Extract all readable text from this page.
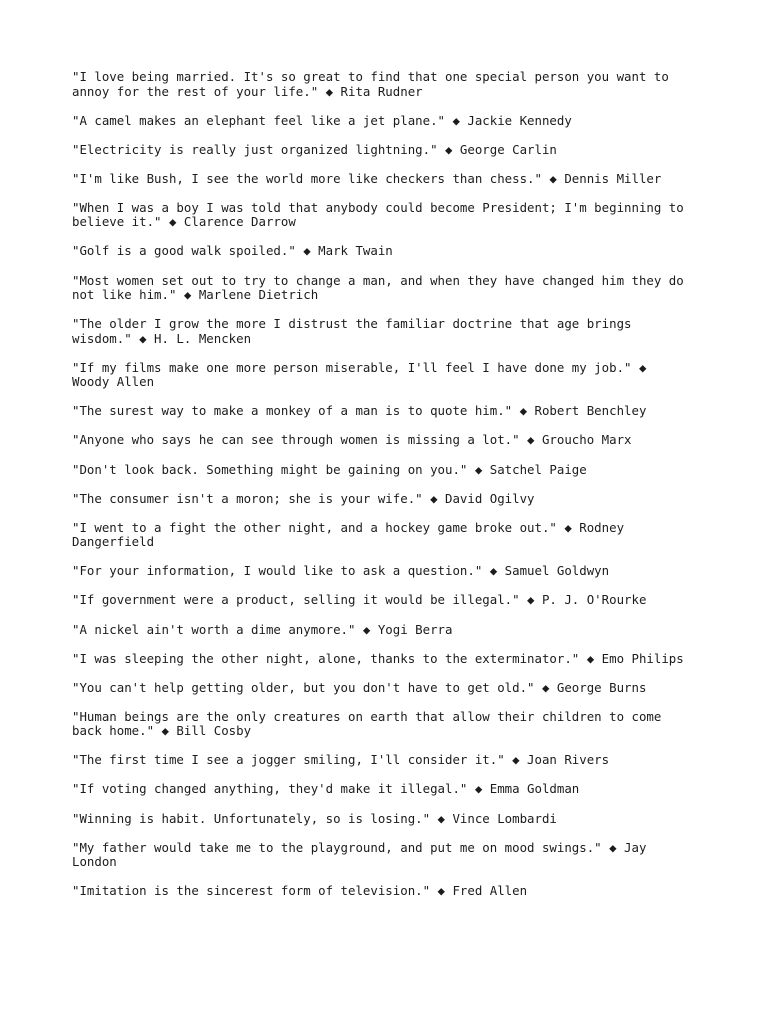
"I love being married. It's so great to find that one special person you want to
annoy for the rest of your life." ◆ Rita Rudner

"A camel makes an elephant feel like a jet plane." ◆ Jackie Kennedy

"Electricity is really just organized lightning." ◆ George Carlin

"I'm like Bush, I see the world more like checkers than chess." ◆ Dennis Miller

"When I was a boy I was told that anybody could become President; I'm beginning to
believe it." ◆ Clarence Darrow

"Golf is a good walk spoiled." ◆ Mark Twain

"Most women set out to try to change a man, and when they have changed him they do
not like him." ◆ Marlene Dietrich

"The older I grow the more I distrust the familiar doctrine that age brings
wisdom." ◆ H. L. Mencken

"If my films make one more person miserable, I'll feel I have done my job." ◆
Woody Allen

"The surest way to make a monkey of a man is to quote him." ◆ Robert Benchley

"Anyone who says he can see through women is missing a lot." ◆ Groucho Marx

"Don't look back. Something might be gaining on you." ◆ Satchel Paige

"The consumer isn't a moron; she is your wife." ◆ David Ogilvy

"I went to a fight the other night, and a hockey game broke out." ◆ Rodney
Dangerfield

"For your information, I would like to ask a question." ◆ Samuel Goldwyn

"If government were a product, selling it would be illegal." ◆ P. J. O'Rourke

"A nickel ain't worth a dime anymore." ◆ Yogi Berra

"I was sleeping the other night, alone, thanks to the exterminator." ◆ Emo Philips

"You can't help getting older, but you don't have to get old." ◆ George Burns

"Human beings are the only creatures on earth that allow their children to come
back home." ◆ Bill Cosby

"The first time I see a jogger smiling, I'll consider it." ◆ Joan Rivers

"If voting changed anything, they'd make it illegal." ◆ Emma Goldman

"Winning is habit. Unfortunately, so is losing." ◆ Vince Lombardi

"My father would take me to the playground, and put me on mood swings." ◆ Jay
London

"Imitation is the sincerest form of television." ◆ Fred Allen
